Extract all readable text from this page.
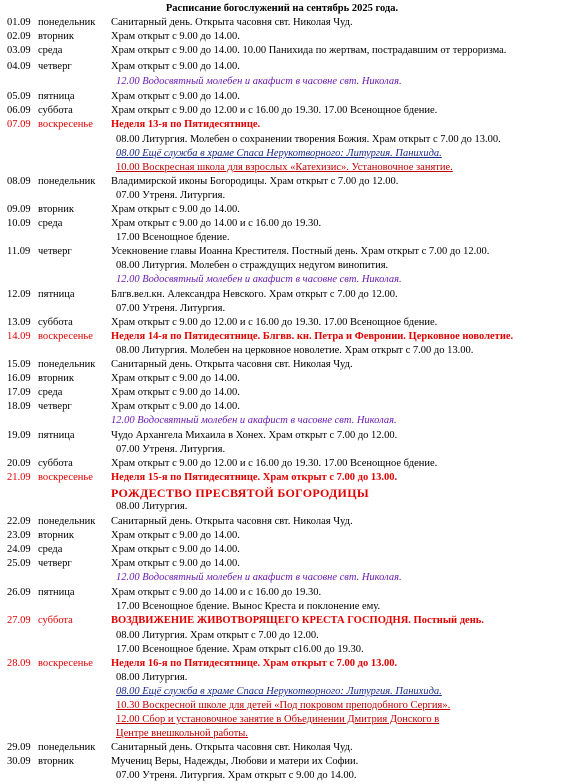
Расписание богослужений на сентябрь 2025 года.
01.09 понедельник Санитарный день. Открыта часовня свт. Николая Чуд.
02.09 вторник	Храм открыт с 9.00 до 14.00.
03.09 среда	Храм открыт с 9.00 до 14.00. 10.00 Панихида по жертвам, пострадавшим от терроризма.
04.09 четверг	Храм открыт с 9.00 до 14.00.
12.00 Водосвятный молебен и акафист в часовне свт. Николая.
05.09 пятница	Храм открыт с 9.00 до 14.00.
06.09 суббота	Храм открыт с 9.00 до 12.00 и с 16.00 до 19.30. 17.00 Всенощное бдение.
07.09 воскресенье Неделя 13-я по Пятидесятнице.
08.00 Литургия. Молебен о сохранении творения Божия. Храм открыт с 7.00 до 13.00.
08.00 Ещё служба в храме Спаса Нерукотворного: Литургия. Панихида.
10.00 Воскресная школа для взрослых «Катехизис». Установочное занятие.
08.09 понедельник Владимирской иконы Богородицы. Храм открыт с 7.00 до 12.00.
07.00 Утреня. Литургия.
09.09 вторник	Храм открыт с 9.00 до 14.00.
10.09 среда	Храм открыт с 9.00 до 14.00 и с 16.00 до 19.30.
17.00 Всенощное бдение.
11.09 четверг	Усекновение главы Иоанна Крестителя. Постный день. Храм открыт с 7.00 до 12.00.
08.00 Литургия. Молебен о страждущих недугом винопития.
12.00 Водосвятный молебен и акафист в часовне свт. Николая.
12.09 пятница	Блгв.вел.кн. Александра Невского. Храм открыт с 7.00 до 12.00.
07.00 Утреня. Литургия.
13.09 суббота	Храм открыт с 9.00 до 12.00 и с 16.00 до 19.30. 17.00 Всенощное бдение.
14.09 воскресенье Неделя 14-я по Пятидесятнице. Блгвв. кн. Петра и Февронии. Церковное новолетие.
08.00 Литургия. Молебен на церковное новолетие. Храм открыт с 7.00 до 13.00.
15.09 понедельник Санитарный день. Открыта часовня свт. Николая Чуд.
16.09 вторник	Храм открыт с 9.00 до 14.00.
17.09 среда	Храм открыт с 9.00 до 14.00.
18.09 четверг	Храм открыт с 9.00 до 14.00.
12.00 Водосвятный молебен и акафист в часовне свт. Николая.
19.09 пятница	Чудо Архангела Михаила в Хонех. Храм открыт с 7.00 до 12.00.
07.00 Утреня. Литургия.
20.09 суббота	Храм открыт с 9.00 до 12.00 и с 16.00 до 19.30. 17.00 Всенощное бдение.
21.09 воскресенье Неделя 15-я по Пятидесятнице. Храм открыт с 7.00 до 13.00.
РОЖДЕСТВО ПРЕСВЯТОЙ БОГОРОДИЦЫ
08.00 Литургия.
22.09 понедельник Санитарный день. Открыта часовня свт. Николая Чуд.
23.09 вторник	Храм открыт с 9.00 до 14.00.
24.09 среда	Храм открыт с 9.00 до 14.00.
25.09 четверг	Храм открыт с 9.00 до 14.00.
12.00 Водосвятный молебен и акафист в часовне свт. Николая.
26.09 пятница	Храм открыт с 9.00 до 14.00 и с 16.00 до 19.30.
17.00 Всенощное бдение. Вынос Креста и поклонение ему.
27.09 суббота	ВОЗДВИЖЕНИЕ ЖИВОТВОРЯЩЕГО КРЕСТА ГОСПОДНЯ. Постный день.
08.00 Литургия. Храм открыт с 7.00 до 12.00.
17.00 Всенощное бдение. Храм открыт с16.00 до 19.30.
28.09 воскресенье Неделя 16-я по Пятидесятнице. Храм открыт с 7.00 до 13.00.
08.00 Литургия.
08.00 Ещё служба в храме Спаса Нерукотворного: Литургия. Панихида.
10.30 Воскресной школе для детей «Под покровом преподобного Сергия».
12.00 Сбор и установочное занятие в Объединении Дмитрия Донского в
Центре внешкольной работы.
29.09 понедельник Санитарный день. Открыта часовня свт. Николая Чуд.
30.09 вторник	Мучениц Веры, Надежды, Любови и матери их Софии.
07.00 Утреня. Литургия. Храм открыт с 9.00 до 14.00.
